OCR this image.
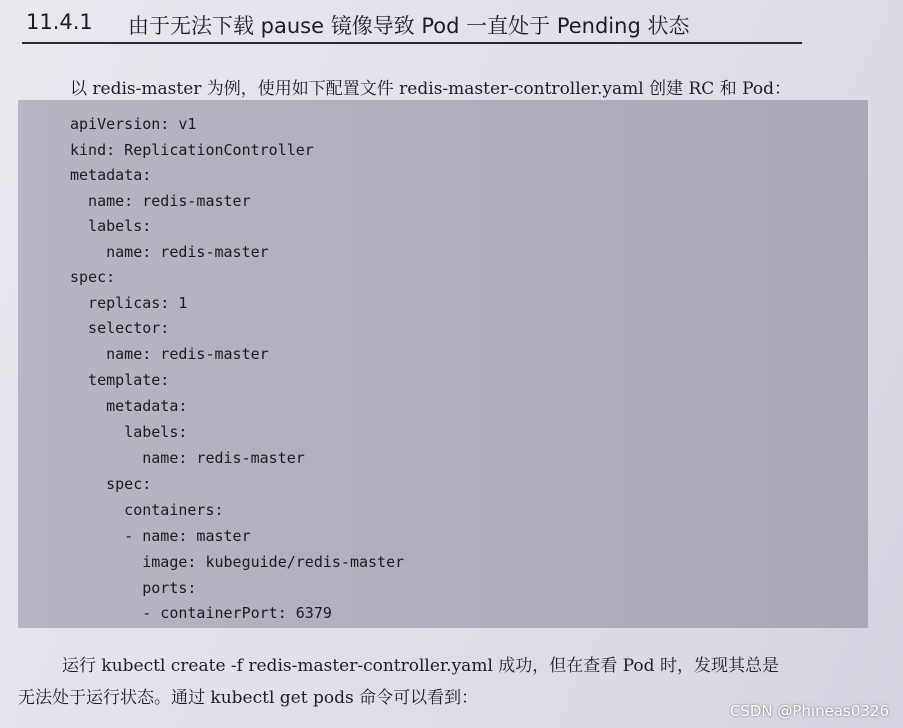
11.4.1 由于无法下载 pause 镜像导致 Pod 一直处于 Pending 状态
以 redis-master 为例，使用如下配置文件 redis-master-controller.yaml 创建 RC 和 Pod：
apiVersion: v1
kind: ReplicationController
metadata:
name: redis-master
labels:
name: redis-master
spec:
replicas: 1
selector:
name: redis-master
template:
metadata:
labels:
name: redis-master
spec:
containers:
- name: master
image: kubeguide/redis-master
ports:
- containerPort: 6379
运行 kubectl create -f redis-master-controller.yaml 成功，但在查看 Pod 时，发现其总是
无法处于运行状态。通过 kubectl get pods 命令可以看到：
CSDN @Phineas0326
